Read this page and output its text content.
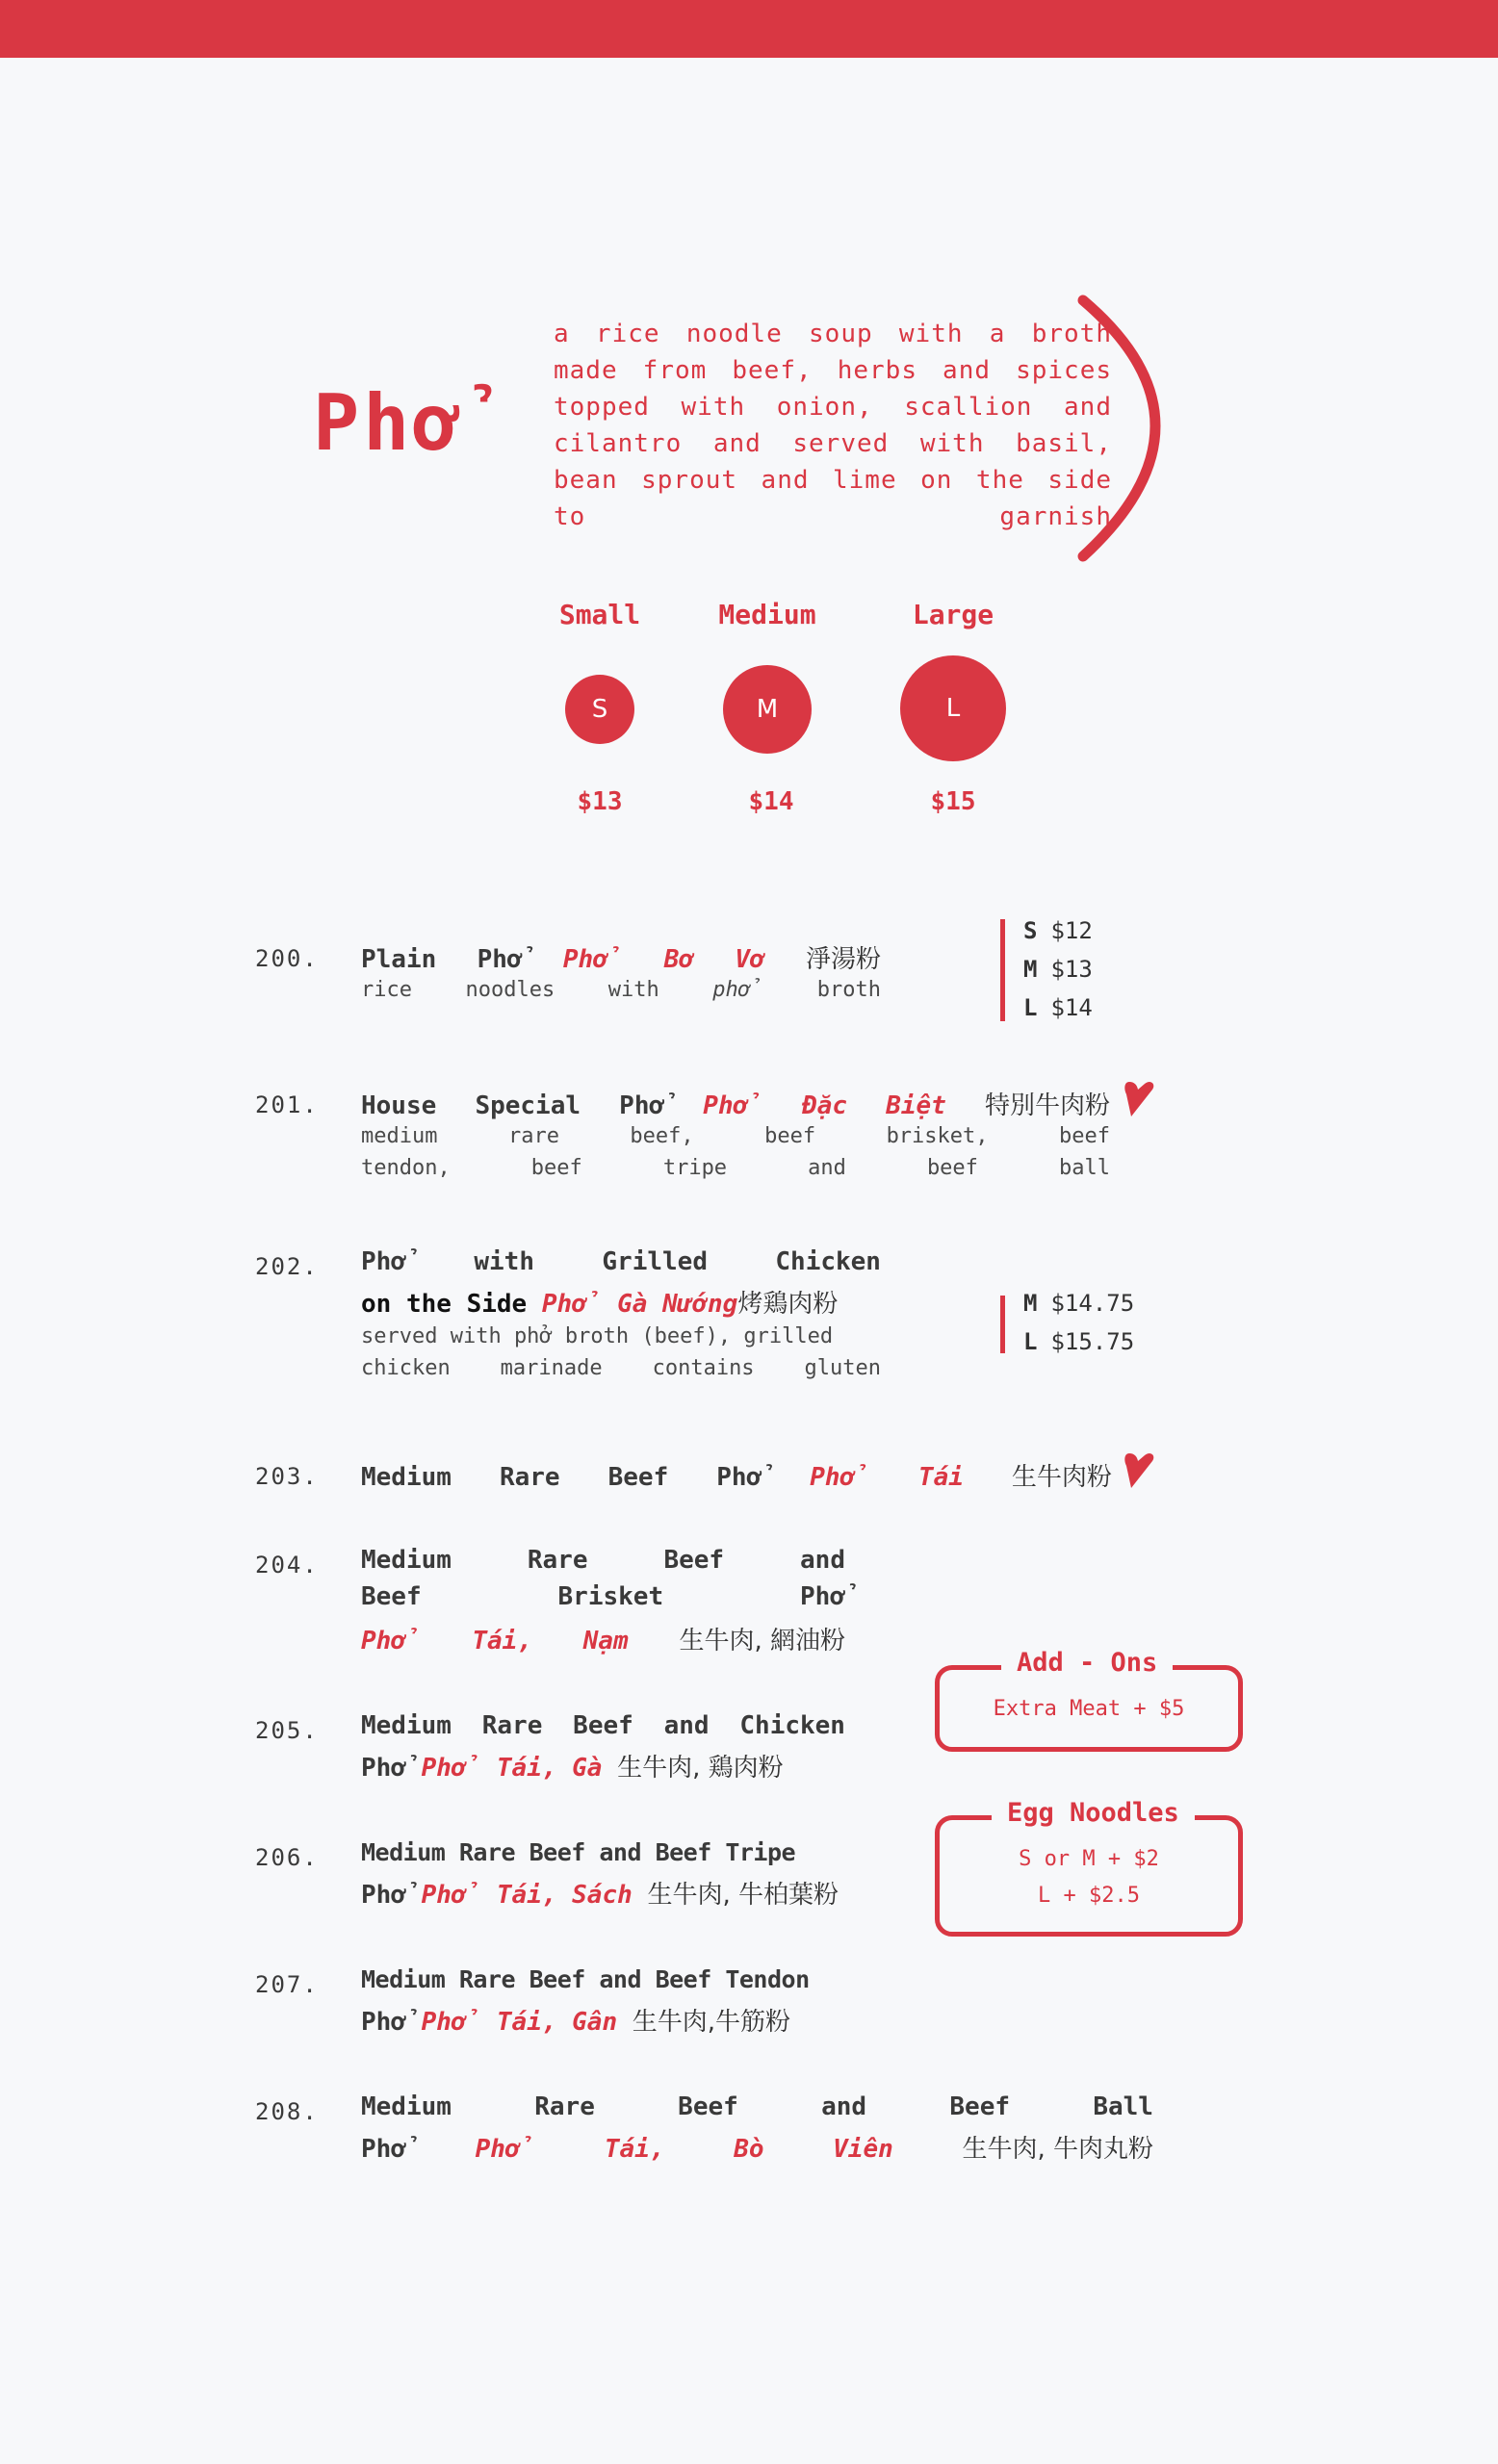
Phở
a rice noodle soup with a broth made from beef, herbs and spices topped with onion, scallion and cilantro and served with basil, bean sprout and lime on the side to garnish
Small	Medium	Large
S	M	L
$13	$14	$15
200. Plain Phở Phở Bơ Vơ 淨湯粉
rice	noodles	with	phở	broth
S $12
M $13
L $14
201. House Special Phở Phở Đặc Biệt 特別牛肉粉
medium	rare	beef,	beef	brisket,	beef
tendon,	beef	tripe	and	beef	ball
202. Phở	with	Grilled	Chicken
on the Side Phở Gà Nướng烤鶏肉粉
served with phở broth (beef), grilled
chicken marinade contains gluten
M $14.75
L $15.75
203. Medium Rare Beef Phở Phở Tái 生牛肉粉
204. Medium	Rare	Beef	and
Beef	Brisket	Phở
Phở Tái, Nạm 生牛肉, 網油粉
205. Medium Rare Beef and Chicken
Phở Phở Tái, Gà 生牛肉, 鶏肉粉
206. Medium Rare Beef and Beef Tripe
Phở Phở Tái, Sách 生牛肉, 牛柏葉粉
207. Medium Rare Beef and Beef Tendon
Phở Phở Tái, Gân 生牛肉,牛筋粉
208. Medium	Rare	Beef	and	Beef	Ball
Phở	Phở	Tái,	Bò	Viên	生牛肉, 牛肉丸粉
Add - Ons
Extra Meat + $5
Egg Noodles
S or M + $2
L + $2.5
